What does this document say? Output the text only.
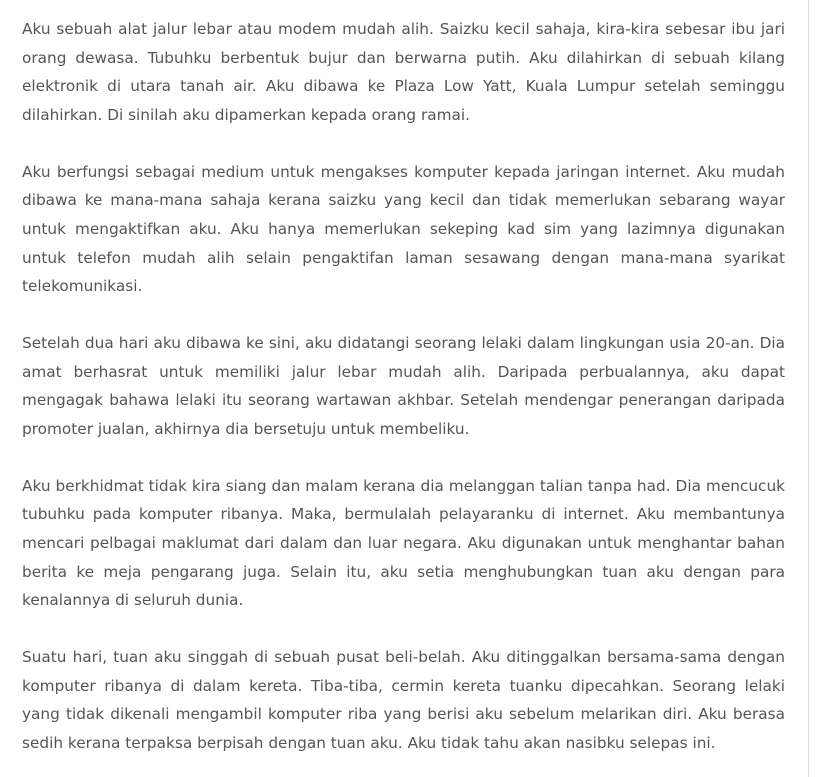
Aku sebuah alat jalur lebar atau modem mudah alih. Saizku kecil sahaja, kira-kira sebesar ibu jari orang dewasa. Tubuhku berbentuk bujur dan berwarna putih. Aku dilahirkan di sebuah kilang elektronik di utara tanah air. Aku dibawa ke Plaza Low Yatt, Kuala Lumpur setelah seminggu dilahirkan. Di sinilah aku dipamerkan kepada orang ramai.

Aku berfungsi sebagai medium untuk mengakses komputer kepada jaringan internet. Aku mudah dibawa ke mana-mana sahaja kerana saizku yang kecil dan tidak memerlukan sebarang wayar untuk mengaktifkan aku. Aku hanya memerlukan sekeping kad sim yang lazimnya digunakan untuk telefon mudah alih selain pengaktifan laman sesawang dengan mana-mana syarikat telekomunikasi.

Setelah dua hari aku dibawa ke sini, aku didatangi seorang lelaki dalam lingkungan usia 20-an. Dia amat berhasrat untuk memiliki jalur lebar mudah alih. Daripada perbualannya, aku dapat mengagak bahawa lelaki itu seorang wartawan akhbar. Setelah mendengar penerangan daripada promoter jualan, akhirnya dia bersetuju untuk membeliku.

Aku berkhidmat tidak kira siang dan malam kerana dia melanggan talian tanpa had. Dia mencucuk tubuhku pada komputer ribanya. Maka, bermulalah pelayaranku di internet. Aku membantunya mencari pelbagai maklumat dari dalam dan luar negara. Aku digunakan untuk menghantar bahan berita ke meja pengarang juga. Selain itu, aku setia menghubungkan tuan aku dengan para kenalannya di seluruh dunia.

Suatu hari, tuan aku singgah di sebuah pusat beli-belah. Aku ditinggalkan bersama-sama dengan komputer ribanya di dalam kereta. Tiba-tiba, cermin kereta tuanku dipecahkan. Seorang lelaki yang tidak dikenali mengambil komputer riba yang berisi aku sebelum melarikan diri. Aku berasa sedih kerana terpaksa berpisah dengan tuan aku. Aku tidak tahu akan nasibku selepas ini.
